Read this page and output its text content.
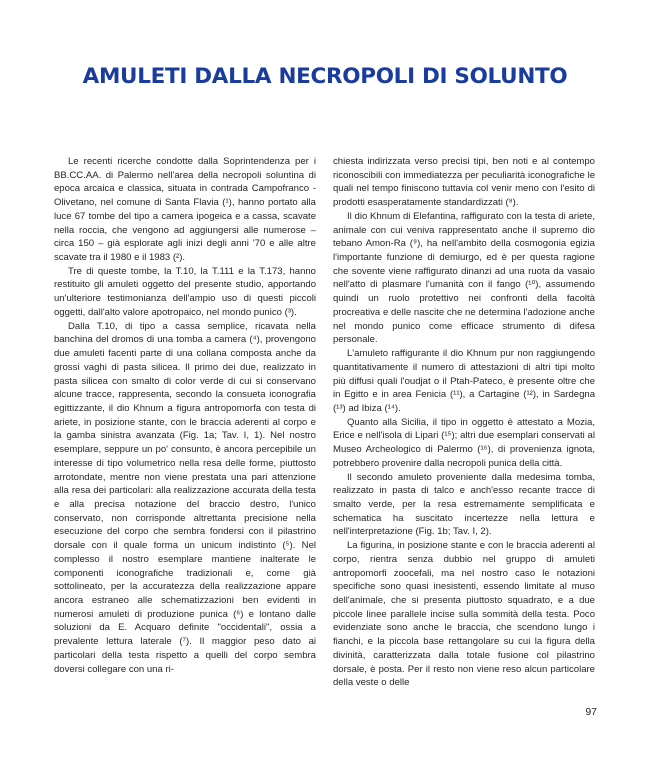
AMULETI DALLA NECROPOLI DI SOLUNTO

Le recenti ricerche condotte dalla Soprintendenza per i BB.CC.AA. di Palermo nell'area della necropoli soluntina di epoca arcaica e classica, situata in contrada Campofranco - Olivetano, nel comune di Santa Flavia (¹), hanno portato alla luce 67 tombe del tipo a camera ipogeica e a cassa, scavate nella roccia, che vengono ad aggiungersi alle numerose – circa 150 – già esplorate agli inizi degli anni '70 e alle altre scavate tra il 1980 e il 1983 (²).

Tre di queste tombe, la T.10, la T.111 e la T.173, hanno restituito gli amuleti oggetto del presente studio, apportando un'ulteriore testimonianza dell'ampio uso di questi piccoli oggetti, dall'alto valore apotropaico, nel mondo punico (³).

Dalla T.10, di tipo a cassa semplice, ricavata nella banchina del dromos di una tomba a camera (⁴), provengono due amuleti facenti parte di una collana composta anche da grossi vaghi di pasta silicea. Il primo dei due, realizzato in pasta silicea con smalto di color verde di cui si conservano alcune tracce, rappresenta, secondo la consueta iconografia egittizzante, il dio Khnum a figura antropomorfa con testa di ariete, in posizione stante, con le braccia aderenti al corpo e la gamba sinistra avanzata (Fig. 1a; Tav. I, 1). Nel nostro esemplare, seppure un po' consunto, è ancora percepibile un interesse di tipo volumetrico nella resa delle forme, piuttosto arrotondate, mentre non viene prestata una pari attenzione alla resa dei particolari: alla realizzazione accurata della testa e alla precisa notazione del braccio destro, l'unico conservato, non corrisponde altrettanta precisione nella esecuzione del corpo che sembra fondersi con il pilastrino dorsale con il quale forma un unicum indistinto (⁵). Nel complesso il nostro esemplare mantiene inalterate le componenti iconografiche tradizionali e, come già sottolineato, per la accuratezza della realizzazione appare ancora estraneo alle schematizzazioni ben evidenti in numerosi amuleti di produzione punica (⁶) e lontano dalle soluzioni da E. Acquaro definite "occidentali", ossia a prevalente lettura laterale (⁷). Il maggior peso dato ai particolari della testa rispetto a quelli del corpo sembra doversi collegare con una ri-

chiesta indirizzata verso precisi tipi, ben noti e al contempo riconoscibili con immediatezza per peculiarità iconografiche le quali nel tempo finiscono tuttavia col venir meno con l'esito di prodotti esasperatamente standardizzati (⁸).

Il dio Khnum di Elefantina, raffigurato con la testa di ariete, animale con cui veniva rappresentato anche il supremo dio tebano Amon-Ra (⁹), ha nell'ambito della cosmogonia egizia l'importante funzione di demiurgo, ed è per questa ragione che sovente viene raffigurato dinanzi ad una ruota da vasaio nell'atto di plasmare l'umanità con il fango (¹⁰), assumendo quindi un ruolo protettivo nei confronti della facoltà procreativa e delle nascite che ne determina l'adozione anche nel mondo punico come efficace strumento di difesa personale.

L'amuleto raffigurante il dio Khnum pur non raggiungendo quantitativamente il numero di attestazioni di altri tipi molto più diffusi quali l'oudjat o il Ptah-Pateco, è presente oltre che in Egitto e in area Fenicia (¹¹), a Cartagine (¹²), in Sardegna (¹³) ad Ibiza (¹⁴).

Quanto alla Sicilia, il tipo in oggetto è attestato a Mozia, Erice e nell'isola di Lipari (¹⁵); altri due esemplari conservati al Museo Archeologico di Palermo (¹⁶), di provenienza ignota, potrebbero provenire dalla necropoli punica della città.

Il secondo amuleto proveniente dalla medesima tomba, realizzato in pasta di talco e anch'esso recante tracce di smalto verde, per la resa estremamente semplificata e schematica ha suscitato incertezze nella lettura e nell'interpretazione (Fig. 1b; Tav. I, 2).

La figurina, in posizione stante e con le braccia aderenti al corpo, rientra senza dubbio nel gruppo di amuleti antropomorfi zoocefali, ma nel nostro caso le notazioni specifiche sono quasi inesistenti, essendo limitate al muso dell'animale, che si presenta piuttosto squadrato, e a due piccole linee parallele incise sulla sommità della testa. Poco evidenziate sono anche le braccia, che scendono lungo i fianchi, e la piccola base rettangolare su cui la figura della divinità, caratterizzata dalla totale fusione col pilastrino dorsale, è posta. Per il resto non viene reso alcun particolare della veste o delle

97
